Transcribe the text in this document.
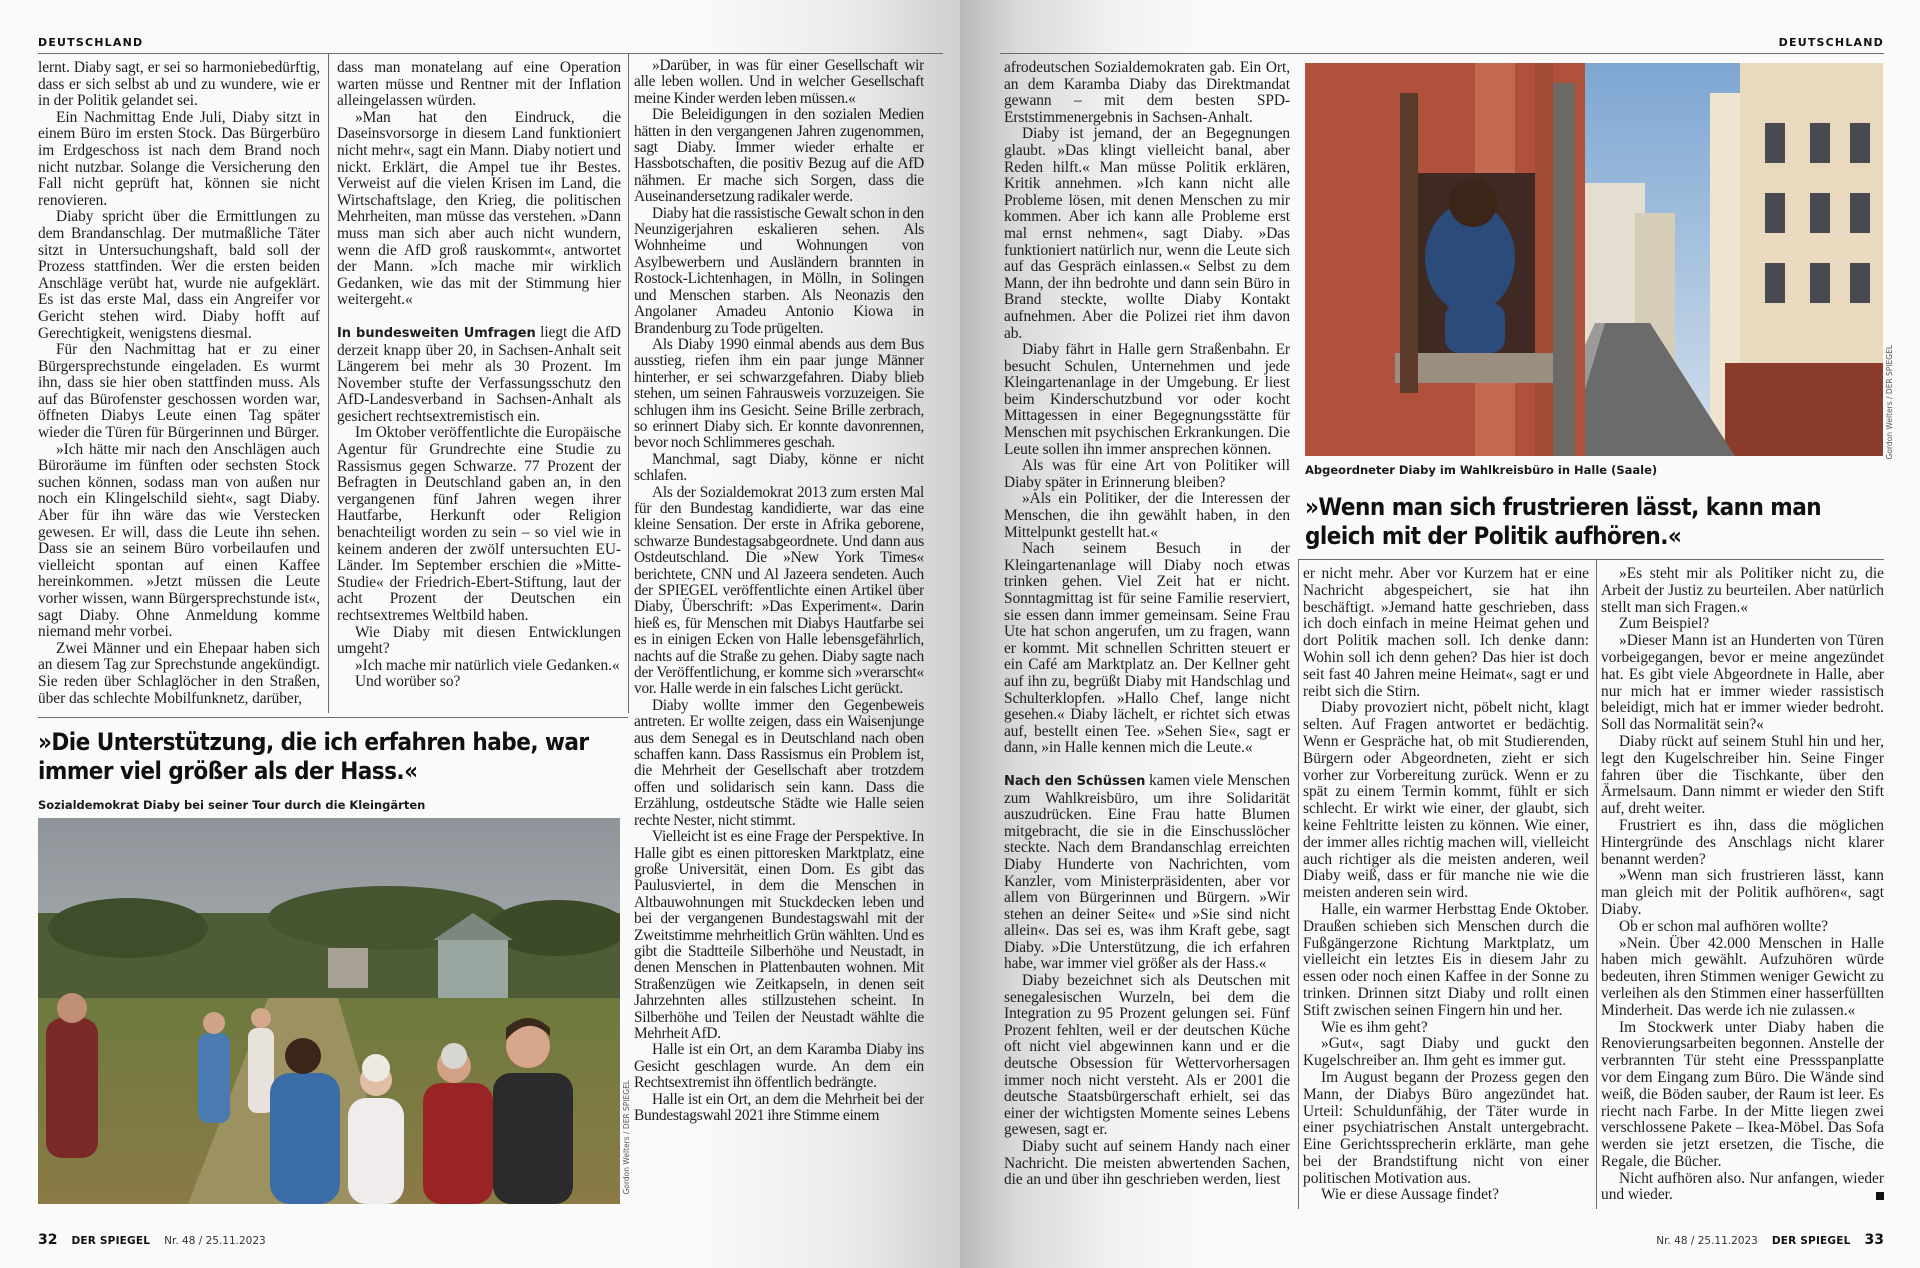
DEUTSCHLAND

lernt. Diaby sagt, er sei so harmoniebedürftig, dass er sich selbst ab und zu wundere, wie er in der Politik gelandet sei.

Ein Nachmittag Ende Juli, Diaby sitzt in einem Büro im ersten Stock. Das Bürgerbüro im Erdgeschoss ist nach dem Brand noch nicht nutzbar. Solange die Versicherung den Fall nicht geprüft hat, können sie nicht renovieren.

Diaby spricht über die Ermittlungen zu dem Brandanschlag. Der mutmaßliche Täter sitzt in Untersuchungshaft, bald soll der Prozess stattfinden. Wer die ersten beiden Anschläge verübt hat, wurde nie aufgeklärt. Es ist das erste Mal, dass ein Angreifer vor Gericht stehen wird. Diaby hofft auf Gerechtigkeit, wenigstens diesmal.

Für den Nachmittag hat er zu einer Bürgersprechstunde eingeladen. Es wurmt ihn, dass sie hier oben stattfinden muss. Als auf das Bürofenster geschossen worden war, öffneten Diabys Leute einen Tag später wieder die Türen für Bürgerinnen und Bürger.

»Ich hätte mir nach den Anschlägen auch Büroräume im fünften oder sechsten Stock suchen können, sodass man von außen nur noch ein Klingelschild sieht«, sagt Diaby. Aber für ihn wäre das wie Verstecken gewesen. Er will, dass die Leute ihn sehen. Dass sie an seinem Büro vorbeilaufen und vielleicht spontan auf einen Kaffee hereinkommen. »Jetzt müssen die Leute vorher wissen, wann Bürgersprechstunde ist«, sagt Diaby. Ohne Anmeldung komme niemand mehr vorbei.

Zwei Männer und ein Ehepaar haben sich an diesem Tag zur Sprechstunde angekündigt. Sie reden über Schlaglöcher in den Straßen, über das schlechte Mobilfunknetz, darüber,

dass man monatelang auf eine Operation warten müsse und Rentner mit der Inflation alleingelassen würden.

»Man hat den Eindruck, die Daseinsvorsorge in diesem Land funktioniert nicht mehr«, sagt ein Mann. Diaby notiert und nickt. Erklärt, die Ampel tue ihr Bestes. Verweist auf die vielen Krisen im Land, die Wirtschaftslage, den Krieg, die politischen Mehrheiten, man müsse das verstehen. »Dann muss man sich aber auch nicht wundern, wenn die AfD groß rauskommt«, antwortet der Mann. »Ich mache mir wirklich Gedanken, wie das mit der Stimmung hier weitergeht.«

In bundesweiten Umfragen liegt die AfD derzeit knapp über 20, in Sachsen-Anhalt seit Längerem bei mehr als 30 Prozent. Im November stufte der Verfassungsschutz den AfD-Landesverband in Sachsen-Anhalt als gesichert rechtsextremistisch ein.

Im Oktober veröffentlichte die Europäische Agentur für Grundrechte eine Studie zu Rassismus gegen Schwarze. 77 Prozent der Befragten in Deutschland gaben an, in den vergangenen fünf Jahren wegen ihrer Hautfarbe, Herkunft oder Religion benachteiligt worden zu sein – so viel wie in keinem anderen der zwölf untersuchten EU-Länder. Im September erschien die »Mitte-Studie« der Friedrich-Ebert-Stiftung, laut der acht Prozent der Deutschen ein rechtsextremes Weltbild haben.

Wie Diaby mit diesen Entwicklungen umgeht?

»Ich mache mir natürlich viele Gedanken.«

Und worüber so?

»Darüber, in was für einer Gesellschaft wir alle leben wollen. Und in welcher Gesellschaft meine Kinder werden leben müssen.«

Die Beleidigungen in den sozialen Medien hätten in den vergangenen Jahren zugenommen, sagt Diaby. Immer wieder erhalte er Hassbotschaften, die positiv Bezug auf die AfD nähmen. Er mache sich Sorgen, dass die Auseinandersetzung radikaler werde.

Diaby hat die rassistische Gewalt schon in den Neunzigerjahren eskalieren sehen. Als Wohnheime und Wohnungen von Asylbewerbern und Ausländern brannten in Rostock-Lichtenhagen, in Mölln, in Solingen und Menschen starben. Als Neonazis den Angolaner Amadeu Antonio Kiowa in Brandenburg zu Tode prügelten.

Als Diaby 1990 einmal abends aus dem Bus ausstieg, riefen ihm ein paar junge Männer hinterher, er sei schwarzgefahren. Diaby blieb stehen, um seinen Fahrausweis vorzuzeigen. Sie schlugen ihm ins Gesicht. Seine Brille zerbrach, so erinnert Diaby sich. Er konnte davonrennen, bevor noch Schlimmeres geschah.

Manchmal, sagt Diaby, könne er nicht schlafen.

Als der Sozialdemokrat 2013 zum ersten Mal für den Bundestag kandidierte, war das eine kleine Sensation. Der erste in Afrika geborene, schwarze Bundestagsabgeordnete. Und dann aus Ostdeutschland. Die »New York Times« berichtete, CNN und Al Jazeera sendeten. Auch der SPIEGEL veröffentlichte einen Artikel über Diaby, Überschrift: »Das Experiment«. Darin hieß es, für Menschen mit Diabys Hautfarbe sei es in einigen Ecken von Halle lebensgefährlich, nachts auf die Straße zu gehen. Diaby sagte nach der Veröffentlichung, er komme sich »verarscht« vor. Halle werde in ein falsches Licht gerückt.

Diaby wollte immer den Gegenbeweis antreten. Er wollte zeigen, dass ein Waisenjunge aus dem Senegal es in Deutschland nach oben schaffen kann. Dass Rassismus ein Problem ist, die Mehrheit der Gesellschaft aber trotzdem offen und solidarisch sein kann. Dass die Erzählung, ostdeutsche Städte wie Halle seien rechte Nester, nicht stimmt.

Vielleicht ist es eine Frage der Perspektive. In Halle gibt es einen pittoresken Marktplatz, eine große Universität, einen Dom. Es gibt das Paulusviertel, in dem die Menschen in Altbauwohnungen mit Stuckdecken leben und bei der vergangenen Bundestagswahl mit der Zweitstimme mehrheitlich Grün wählten. Und es gibt die Stadtteile Silberhöhe und Neustadt, in denen Menschen in Plattenbauten wohnen. Mit Straßenzügen wie Zeitkapseln, in denen seit Jahrzehnten alles stillzustehen scheint. In Silberhöhe und Teilen der Neustadt wählte die Mehrheit AfD.

Halle ist ein Ort, an dem Karamba Diaby ins Gesicht geschlagen wurde. An dem ein Rechtsextremist ihn öffentlich bedrängte.

Halle ist ein Ort, an dem die Mehrheit bei der Bundestagswahl 2021 ihre Stimme einem

»Die Unterstützung, die ich erfahren habe, war immer viel größer als der Hass.«
Sozialdemokrat Diaby bei seiner Tour durch die Kleingärten
Gordon Welters / DER SPIEGEL
32 DER SPIEGEL Nr. 48 / 25.11.2023
DEUTSCHLAND

afrodeutschen Sozialdemokraten gab. Ein Ort, an dem Karamba Diaby das Direktmandat gewann – mit dem besten SPD-Erststimmenergebnis in Sachsen-Anhalt.

Diaby ist jemand, der an Begegnungen glaubt. »Das klingt vielleicht banal, aber Reden hilft.« Man müsse Politik erklären, Kritik annehmen. »Ich kann nicht alle Probleme lösen, mit denen Menschen zu mir kommen. Aber ich kann alle Probleme erst mal ernst nehmen«, sagt Diaby. »Das funktioniert natürlich nur, wenn die Leute sich auf das Gespräch einlassen.« Selbst zu dem Mann, der ihn bedrohte und dann sein Büro in Brand steckte, wollte Diaby Kontakt aufnehmen. Aber die Polizei riet ihm davon ab.

Diaby fährt in Halle gern Straßenbahn. Er besucht Schulen, Unternehmen und jede Kleingartenanlage in der Umgebung. Er liest beim Kinderschutzbund vor oder kocht Mittagessen in einer Begegnungsstätte für Menschen mit psychischen Erkrankungen. Die Leute sollen ihn immer ansprechen können.

Als was für eine Art von Politiker will Diaby später in Erinnerung bleiben?

»Als ein Politiker, der die Interessen der Menschen, die ihn gewählt haben, in den Mittelpunkt gestellt hat.«

Nach seinem Besuch in der Kleingartenanlage will Diaby noch etwas trinken gehen. Viel Zeit hat er nicht. Sonntagmittag ist für seine Familie reserviert, sie essen dann immer gemeinsam. Seine Frau Ute hat schon angerufen, um zu fragen, wann er kommt. Mit schnellen Schritten steuert er ein Café am Marktplatz an. Der Kellner geht auf ihn zu, begrüßt Diaby mit Handschlag und Schulterklopfen. »Hallo Chef, lange nicht gesehen.« Diaby lächelt, er richtet sich etwas auf, bestellt einen Tee. »Sehen Sie«, sagt er dann, »in Halle kennen mich die Leute.«

Nach den Schüssen kamen viele Menschen zum Wahlkreisbüro, um ihre Solidarität auszudrücken. Eine Frau hatte Blumen mitgebracht, die sie in die Einschusslöcher steckte. Nach dem Brandanschlag erreichten Diaby Hunderte von Nachrichten, vom Kanzler, vom Ministerpräsidenten, aber vor allem von Bürgerinnen und Bürgern. »Wir stehen an deiner Seite« und »Sie sind nicht allein«. Das sei es, was ihm Kraft gebe, sagt Diaby. »Die Unterstützung, die ich erfahren habe, war immer viel größer als der Hass.«

Diaby bezeichnet sich als Deutschen mit senegalesischen Wurzeln, bei dem die Integration zu 95 Prozent gelungen sei. Fünf Prozent fehlten, weil er der deutschen Küche oft nicht viel abgewinnen kann und er die deutsche Obsession für Wettervorhersagen immer noch nicht versteht. Als er 2001 die deutsche Staatsbürgerschaft erhielt, sei das einer der wichtigsten Momente seines Lebens gewesen, sagt er.

Diaby sucht auf seinem Handy nach einer Nachricht. Die meisten abwertenden Sachen, die an und über ihn geschrieben werden, liest

Gordon Welters / DER SPIEGEL
Abgeordneter Diaby im Wahlkreisbüro in Halle (Saale)
»Wenn man sich frustrieren lässt, kann man gleich mit der Politik aufhören.«

er nicht mehr. Aber vor Kurzem hat er eine Nachricht abgespeichert, sie hat ihn beschäftigt. »Jemand hatte geschrieben, dass ich doch einfach in meine Heimat gehen und dort Politik machen soll. Ich denke dann: Wohin soll ich denn gehen? Das hier ist doch seit fast 40 Jahren meine Heimat«, sagt er und reibt sich die Stirn.

Diaby provoziert nicht, pöbelt nicht, klagt selten. Auf Fragen antwortet er bedächtig. Wenn er Gespräche hat, ob mit Studierenden, Bürgern oder Abgeordneten, zieht er sich vorher zur Vorbereitung zurück. Wenn er zu spät zu einem Termin kommt, fühlt er sich schlecht. Er wirkt wie einer, der glaubt, sich keine Fehltritte leisten zu können. Wie einer, der immer alles richtig machen will, vielleicht auch richtiger als die meisten anderen, weil Diaby weiß, dass er für manche nie wie die meisten anderen sein wird.

Halle, ein warmer Herbsttag Ende Oktober. Draußen schieben sich Menschen durch die Fußgängerzone Richtung Marktplatz, um vielleicht ein letztes Eis in diesem Jahr zu essen oder noch einen Kaffee in der Sonne zu trinken. Drinnen sitzt Diaby und rollt einen Stift zwischen seinen Fingern hin und her.

Wie es ihm geht?

»Gut«, sagt Diaby und guckt den Kugelschreiber an. Ihm geht es immer gut.

Im August begann der Prozess gegen den Mann, der Diabys Büro angezündet hat. Urteil: Schuldunfähig, der Täter wurde in einer psychiatrischen Anstalt untergebracht. Eine Gerichtssprecherin erklärte, man gehe bei der Brandstiftung nicht von einer politischen Motivation aus.

Wie er diese Aussage findet?

»Es steht mir als Politiker nicht zu, die Arbeit der Justiz zu beurteilen. Aber natürlich stellt man sich Fragen.«

Zum Beispiel?

»Dieser Mann ist an Hunderten von Türen vorbeigegangen, bevor er meine angezündet hat. Es gibt viele Abgeordnete in Halle, aber nur mich hat er immer wieder rassistisch beleidigt, mich hat er immer wieder bedroht. Soll das Normalität sein?«

Diaby rückt auf seinem Stuhl hin und her, legt den Kugelschreiber hin. Seine Finger fahren über die Tischkante, über den Ärmelsaum. Dann nimmt er wieder den Stift auf, dreht weiter.

Frustriert es ihn, dass die möglichen Hintergründe des Anschlags nicht klarer benannt werden?

»Wenn man sich frustrieren lässt, kann man gleich mit der Politik aufhören«, sagt Diaby.

Ob er schon mal aufhören wollte?

»Nein. Über 42.000 Menschen in Halle haben mich gewählt. Aufzuhören würde bedeuten, ihren Stimmen weniger Gewicht zu verleihen als den Stimmen einer hasserfüllten Minderheit. Das werde ich nie zulassen.«

Im Stockwerk unter Diaby haben die Renovierungsarbeiten begonnen. Anstelle der verbrannten Tür steht eine Pressspanplatte vor dem Eingang zum Büro. Die Wände sind weiß, die Böden sauber, der Raum ist leer. Es riecht nach Farbe. In der Mitte liegen zwei verschlossene Pakete – Ikea-Möbel. Das Sofa werden sie jetzt ersetzen, die Tische, die Regale, die Bücher.

Nicht aufhören also. Nur anfangen, wieder und wieder.

Nr. 48 / 25.11.2023 DER SPIEGEL 33
